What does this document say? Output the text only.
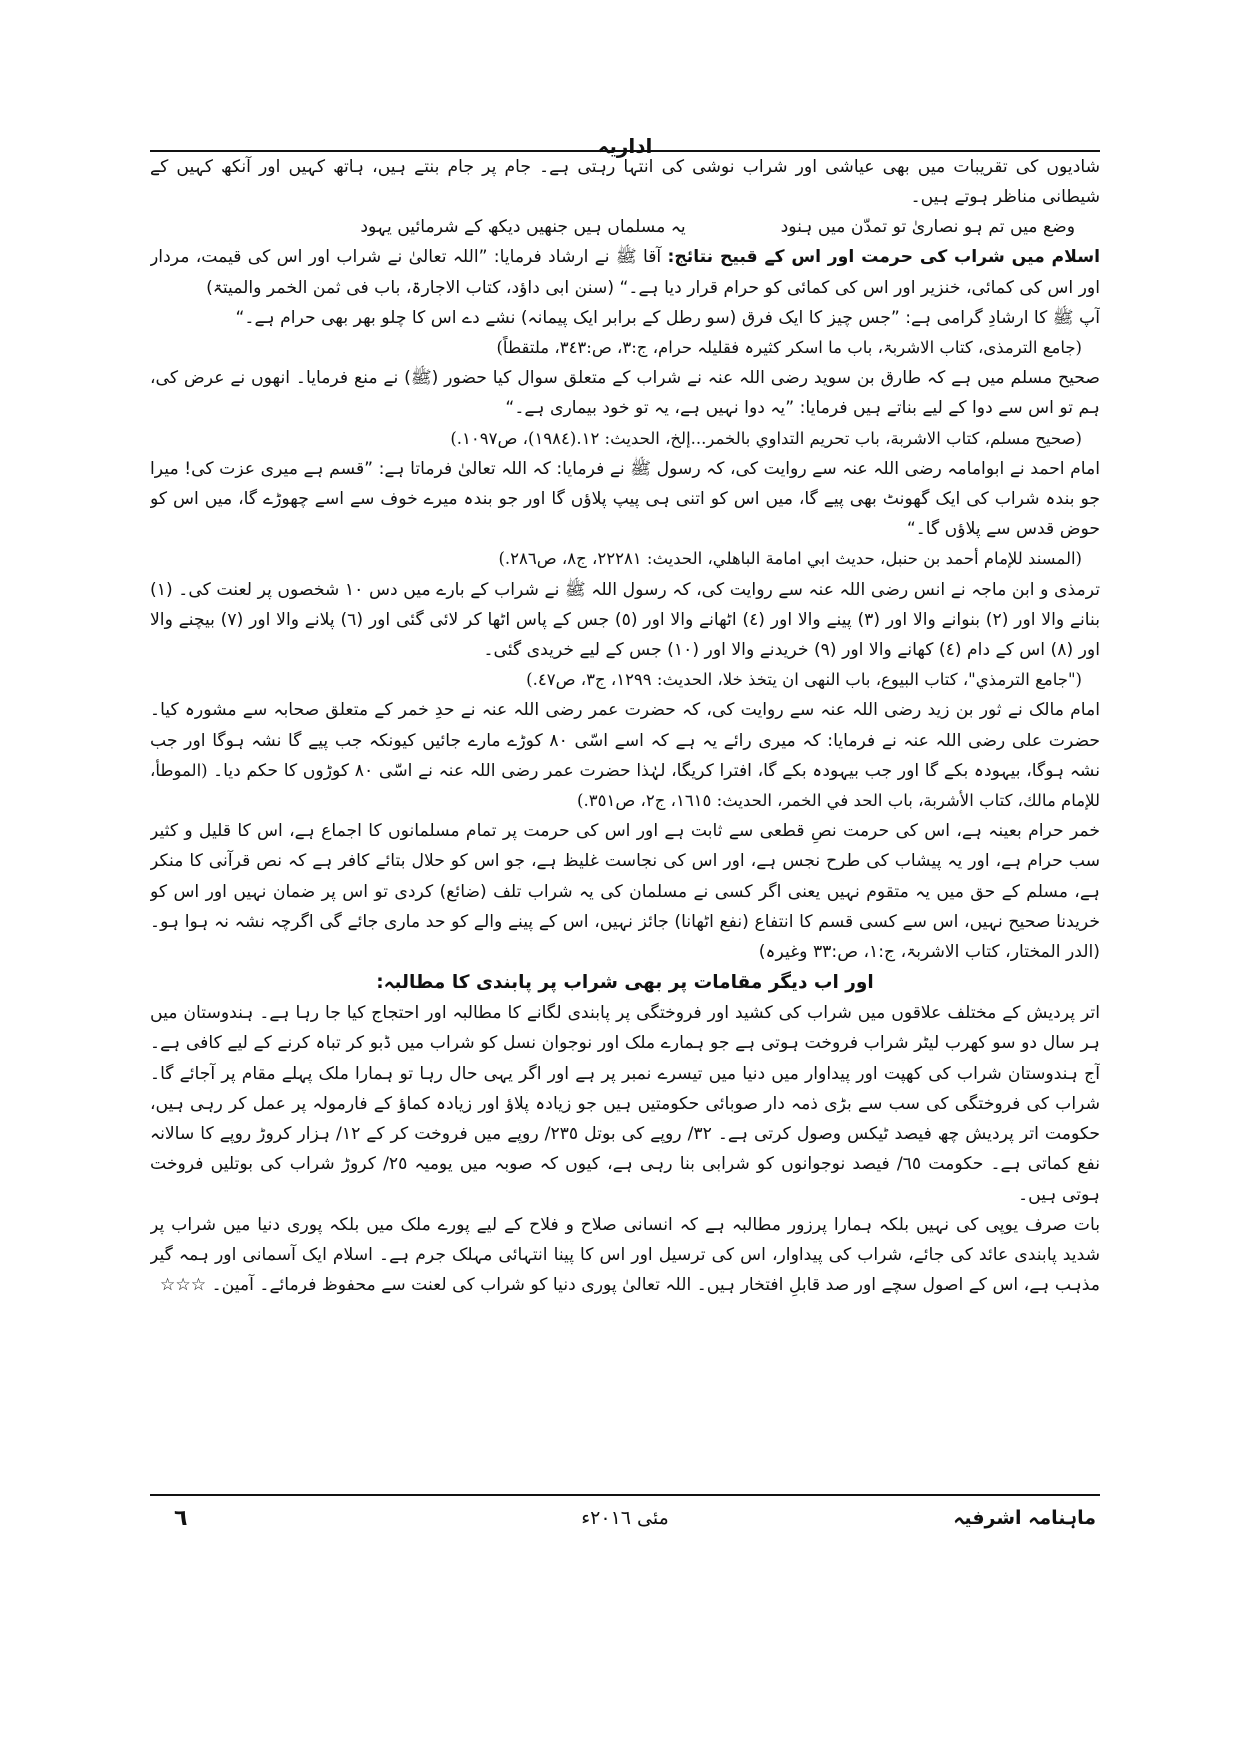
اداریہ

شادیوں کی تقریبات میں بھی عیاشی اور شراب نوشی کی انتہا رہتی ہے۔ جام پر جام بنتے ہیں، ہاتھ کہیں اور آنکھ کہیں کے شیطانی مناظر ہوتے ہیں۔

وضع میں تم ہو نصاریٰ تو تمدّن میں ہنود
یہ مسلماں ہیں جنھیں دیکھ کے شرمائیں یہود

اسلام میں شراب کی حرمت اور اس کے قبیح نتائج: آقا ﷺ نے ارشاد فرمایا: ”اللہ تعالیٰ نے شراب اور اس کی قیمت، مردار اور اس کی کمائی، خنزیر اور اس کی کمائی کو حرام قرار دیا ہے۔“ (سنن ابی داؤد، کتاب الاجارۃ، باب فی ثمن الخمر والمیتۃ)

آپ ﷺ کا ارشادِ گرامی ہے: ”جس چیز کا ایک فرق (سو رطل کے برابر ایک پیمانہ) نشے دے اس کا چلو بھر بھی حرام ہے۔“

(جامع الترمذی، کتاب الاشربۃ، باب ما اسکر کثیرہ فقلیلہ حرام، ج:٣، ص:٣٤٣، ملتقطاً)

صحیح مسلم میں ہے کہ طارق بن سوید رضی اللہ عنہ نے شراب کے متعلق سوال کیا حضور (ﷺ) نے منع فرمایا۔ انھوں نے عرض کی، ہم تو اس سے دوا کے لیے بناتے ہیں فرمایا: ”یہ دوا نہیں ہے، یہ تو خود بیماری ہے۔“

(صحيح مسلم، كتاب الاشربة، باب تحريم التداوي بالخمر...إلخ، الحديث: ١٢.(١٩٨٤)، ص١٠٩٧.)

امام احمد نے ابوامامہ رضی اللہ عنہ سے روایت کی، کہ رسول ﷺ نے فرمایا: کہ اللہ تعالیٰ فرماتا ہے: ”قسم ہے میری عزت کی! میرا جو بندہ شراب کی ایک گھونٹ بھی پیے گا، میں اس کو اتنی ہی پیپ پلاؤں گا اور جو بندہ میرے خوف سے اسے چھوڑے گا، میں اس کو حوض قدس سے پلاؤں گا۔“

(المسند للإمام أحمد بن حنبل، حديث ابي امامة الباهلي، الحديث: ٢٢٢٨١، ج٨، ص٢٨٦.)

ترمذی و ابن ماجہ نے انس رضی اللہ عنہ سے روایت کی، کہ رسول اللہ ﷺ نے شراب کے بارے میں دس ١٠ شخصوں پر لعنت کی۔ (١) بنانے والا اور (٢) بنوانے والا اور (٣) پینے والا اور (٤) اٹھانے والا اور (٥) جس کے پاس اٹھا کر لائی گئی اور (٦) پلانے والا اور (٧) بیچنے والا اور (٨) اس کے دام (٤) کھانے والا اور (٩) خریدنے والا اور (١٠) جس کے لیے خریدی گئی۔

("جامع الترمذي"، كتاب البيوع، باب النهى ان يتخذ خلا، الحديث: ١٢٩٩، ج٣، ص٤٧.)

امام مالک نے ثور بن زید رضی اللہ عنہ سے روایت کی، کہ حضرت عمر رضی اللہ عنہ نے حدِ خمر کے متعلق صحابہ سے مشورہ کیا۔ حضرت علی رضی اللہ عنہ نے فرمایا: کہ میری رائے یہ ہے کہ اسے اسّی ٨٠ کوڑے مارے جائیں کیونکہ جب پیے گا نشہ ہوگا اور جب نشہ ہوگا، بیہودہ بکے گا اور جب بیہودہ بکے گا، افترا کریگا، لہٰذا حضرت عمر رضی اللہ عنہ نے اسّی ٨٠ کوڑوں کا حکم دیا۔ (الموطأ، للإمام مالك، كتاب الأشربة، باب الحد في الخمر، الحديث: ١٦١٥، ج٢، ص٣٥١.)

خمر حرام بعینہ ہے، اس کی حرمت نصِ قطعی سے ثابت ہے اور اس کی حرمت پر تمام مسلمانوں کا اجماع ہے، اس کا قلیل و کثیر سب حرام ہے، اور یہ پیشاب کی طرح نجس ہے، اور اس کی نجاست غلیظ ہے، جو اس کو حلال بتائے کافر ہے کہ نص قرآنی کا منکر ہے، مسلم کے حق میں یہ متقوم نہیں یعنی اگر کسی نے مسلمان کی یہ شراب تلف (ضائع) کردی تو اس پر ضمان نہیں اور اس کو خریدنا صحیح نہیں، اس سے کسی قسم کا انتفاع (نفع اٹھانا) جائز نہیں، اس کے پینے والے کو حد ماری جائے گی اگرچہ نشہ نہ ہوا ہو۔ (الدر المختار، کتاب الاشربۃ، ج:١، ص:٣٣ وغیرہ)

اور اب دیگر مقامات پر بھی شراب پر پابندی کا مطالبہ:

اتر پردیش کے مختلف علاقوں میں شراب کی کشید اور فروختگی پر پابندی لگانے کا مطالبہ اور احتجاج کیا جا رہا ہے۔ ہندوستان میں ہر سال دو سو کھرب لیٹر شراب فروخت ہوتی ہے جو ہمارے ملک اور نوجوان نسل کو شراب میں ڈبو کر تباہ کرنے کے لیے کافی ہے۔ آج ہندوستان شراب کی کھپت اور پیداوار میں دنیا میں تیسرے نمبر پر ہے اور اگر یہی حال رہا تو ہمارا ملک پہلے مقام پر آجائے گا۔ شراب کی فروختگی کی سب سے بڑی ذمہ دار صوبائی حکومتیں ہیں جو زیادہ پلاؤ اور زیادہ کماؤ کے فارمولہ پر عمل کر رہی ہیں، حکومت اتر پردیش چھ فیصد ٹیکس وصول کرتی ہے۔ ٣٢/ روپے کی بوتل ٢٣٥/ روپے میں فروخت کر کے ١٢/ ہزار کروڑ روپے کا سالانہ نفع کماتی ہے۔ حکومت ٦٥/ فیصد نوجوانوں کو شرابی بنا رہی ہے، کیوں کہ صوبہ میں یومیہ ٢٥/ کروڑ شراب کی بوتلیں فروخت ہوتی ہیں۔

بات صرف یوپی کی نہیں بلکہ ہمارا پرزور مطالبہ ہے کہ انسانی صلاح و فلاح کے لیے پورے ملک میں بلکہ پوری دنیا میں شراب پر شدید پابندی عائد کی جائے، شراب کی پیداوار، اس کی ترسیل اور اس کا پینا انتہائی مہلک جرم ہے۔ اسلام ایک آسمانی اور ہمہ گیر مذہب ہے، اس کے اصول سچے اور صد قابلِ افتخار ہیں۔ اللہ تعالیٰ پوری دنیا کو شراب کی لعنت سے محفوظ فرمائے۔ آمین۔ ☆☆☆

٦	مئی ٢٠١٦ء	ماہنامہ اشرفیہ
